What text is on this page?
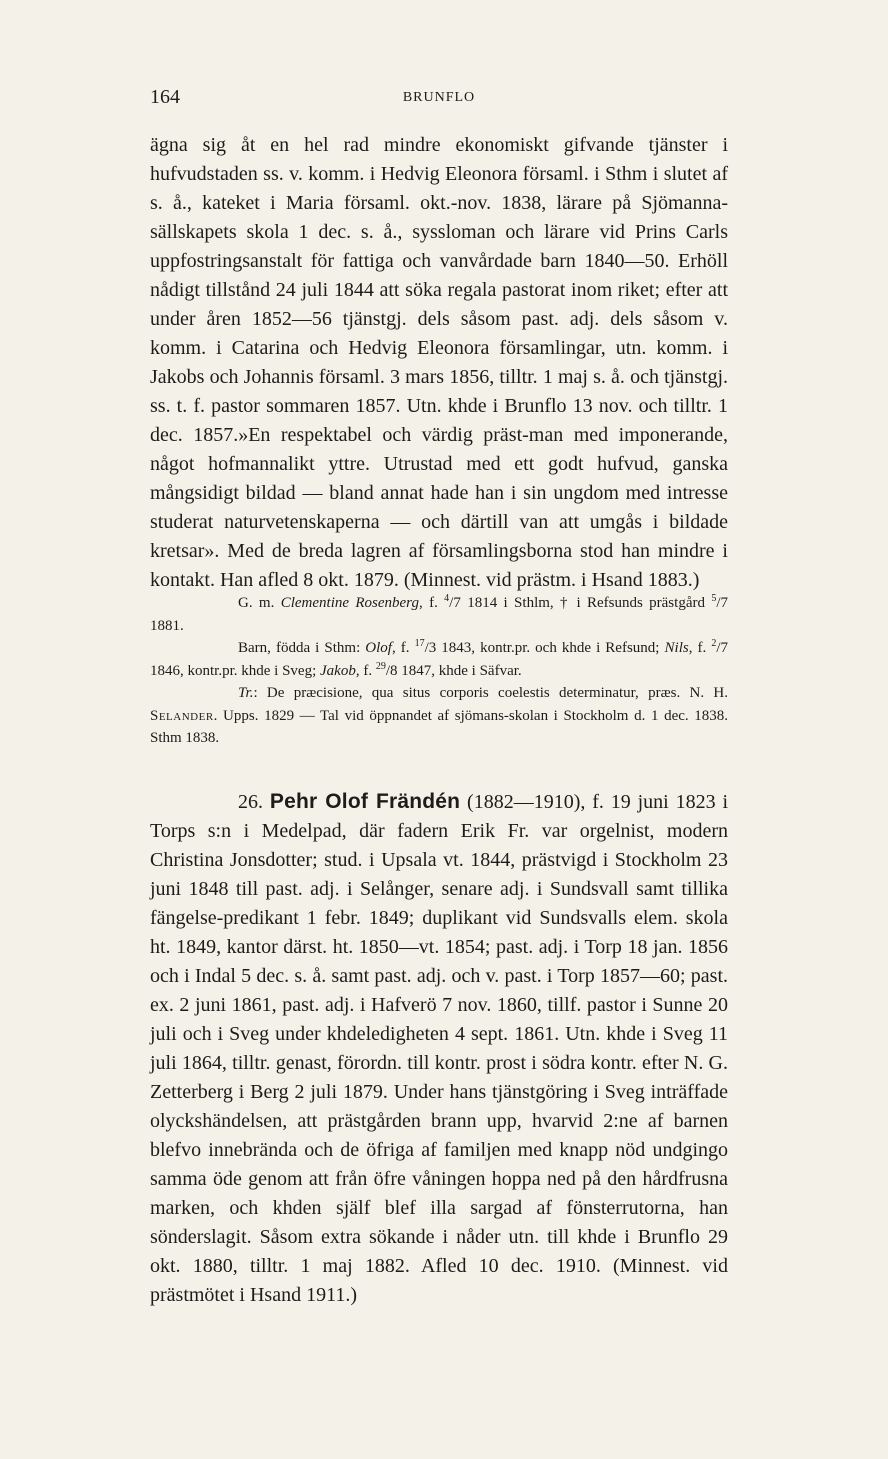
164	BRUNFLO

ägna sig åt en hel rad mindre ekonomiskt gifvande tjänster i hufvudstaden ss. v. komm. i Hedvig Eleonora församl. i Sthm i slutet af s. å., kateket i Maria församl. okt.-nov. 1838, lärare på Sjömanna-sällskapets skola 1 dec. s. å., syssloman och lärare vid Prins Carls uppfostringsanstalt för fattiga och vanvårdade barn 1840—50. Erhöll nådigt tillstånd 24 juli 1844 att söka regala pastorat inom riket; efter att under åren 1852—56 tjänstgj. dels såsom past. adj. dels såsom v. komm. i Catarina och Hedvig Eleonora församlingar, utn. komm. i Jakobs och Johannis församl. 3 mars 1856, tilltr. 1 maj s. å. och tjänstgj. ss. t. f. pastor sommaren 1857. Utn. khde i Brunflo 13 nov. och tilltr. 1 dec. 1857.»En respektabel och värdig präst-man med imponerande, något hofmannalikt yttre. Utrustad med ett godt hufvud, ganska mångsidigt bildad — bland annat hade han i sin ungdom med intresse studerat naturvetenskaperna — och därtill van att umgås i bildade kretsar». Med de breda lagren af församlingsborna stod han mindre i kontakt. Han afled 8 okt. 1879. (Minnest. vid prästm. i Hsand 1883.)

G. m. Clementine Rosenberg, f. $^4$/7 1814 i Sthlm, † i Refsunds prästgård $^5$/7 1881.

Barn, födda i Sthm: Olof, f. $^{17}$/3 1843, kontr.pr. och khde i Refsund; Nils, f. $^2$/7 1846, kontr.pr. khde i Sveg; Jakob, f. $^{29}$/8 1847, khde i Säfvar.

Tr.: De præcisione, qua situs corporis coelestis determinatur, præs. N. H. Selander. Upps. 1829 — Tal vid öppnandet af sjömans-skolan i Stockholm d. 1 dec. 1838. Sthm 1838.

26. Pehr Olof Frändén (1882—1910), f. 19 juni 1823 i Torps s:n i Medelpad, där fadern Erik Fr. var orgelnist, modern Christina Jonsdotter; stud. i Upsala vt. 1844, prästvigd i Stockholm 23 juni 1848 till past. adj. i Selånger, senare adj. i Sundsvall samt tillika fängelse-predikant 1 febr. 1849; duplikant vid Sundsvalls elem. skola ht. 1849, kantor därst. ht. 1850—vt. 1854; past. adj. i Torp 18 jan. 1856 och i Indal 5 dec. s. å. samt past. adj. och v. past. i Torp 1857—60; past. ex. 2 juni 1861, past. adj. i Hafverö 7 nov. 1860, tillf. pastor i Sunne 20 juli och i Sveg under khdeledigheten 4 sept. 1861. Utn. khde i Sveg 11 juli 1864, tilltr. genast, förordn. till kontr. prost i södra kontr. efter N. G. Zetterberg i Berg 2 juli 1879. Under hans tjänstgöring i Sveg inträffade olyckshändelsen, att prästgården brann upp, hvarvid 2:ne af barnen blefvo innebrända och de öfriga af familjen med knapp nöd undgingo samma öde genom att från öfre våningen hoppa ned på den hårdfrusna marken, och khden själf blef illa sargad af fönsterrutorna, han sönderslagit. Såsom extra sökande i nåder utn. till khde i Brunflo 29 okt. 1880, tilltr. 1 maj 1882. Afled 10 dec. 1910. (Minnest. vid prästmötet i Hsand 1911.)
